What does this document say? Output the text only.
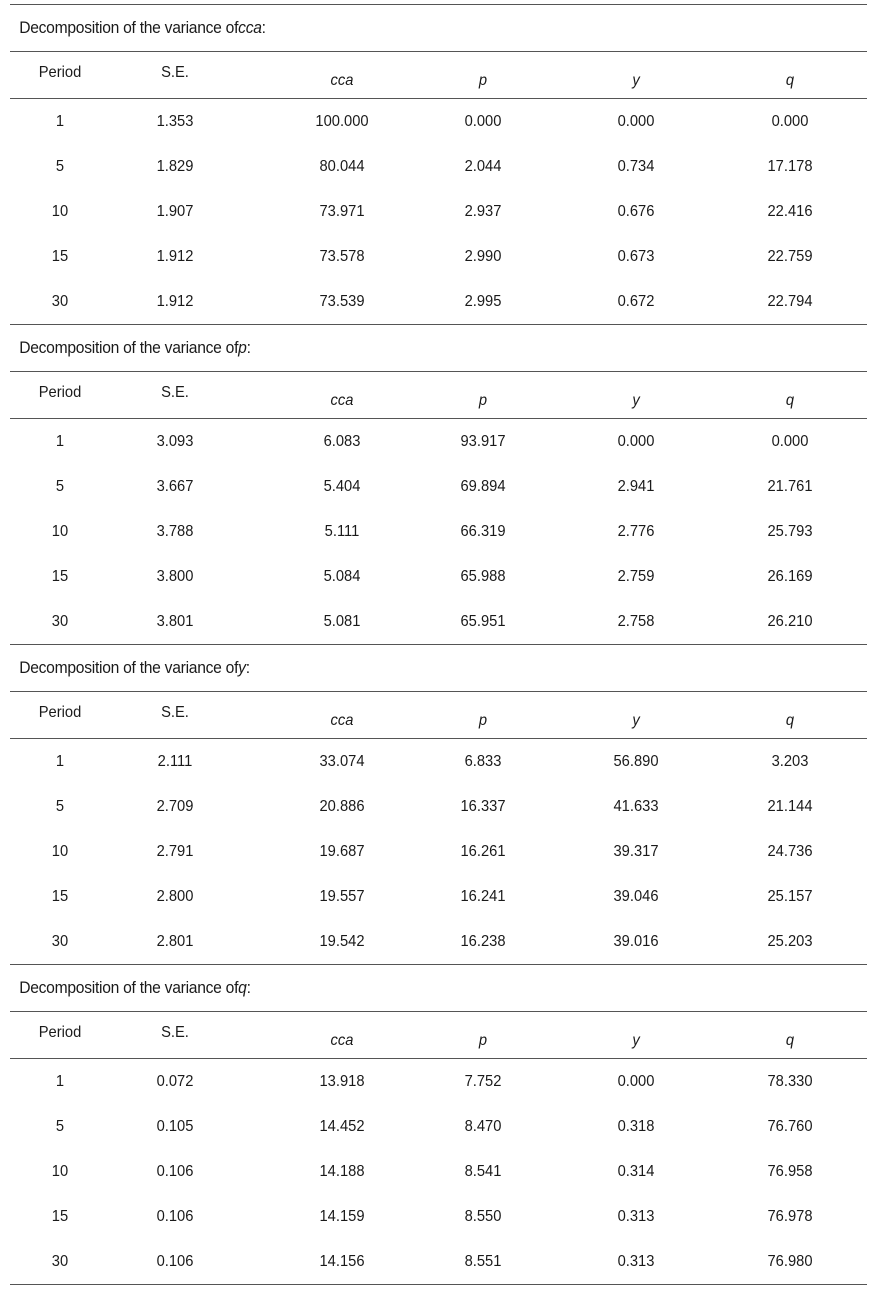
Decomposition of the variance of cca :
Period	S.E.	cca	p	y	q
1	1.353	100.000	0.000	0.000	0.000
5	1.829	80.044	2.044	0.734	17.178
10	1.907	73.971	2.937	0.676	22.416
15	1.912	73.578	2.990	0.673	22.759
30	1.912	73.539	2.995	0.672	22.794
Decomposition of the variance of p :
Period	S.E.	cca	p	y	q
1	3.093	6.083	93.917	0.000	0.000
5	3.667	5.404	69.894	2.941	21.761
10	3.788	5.111	66.319	2.776	25.793
15	3.800	5.084	65.988	2.759	26.169
30	3.801	5.081	65.951	2.758	26.210
Decomposition of the variance of y :
Period	S.E.	cca	p	y	q
1	2.111	33.074	6.833	56.890	3.203
5	2.709	20.886	16.337	41.633	21.144
10	2.791	19.687	16.261	39.317	24.736
15	2.800	19.557	16.241	39.046	25.157
30	2.801	19.542	16.238	39.016	25.203
Decomposition of the variance of q :
Period	S.E.	cca	p	y	q
1	0.072	13.918	7.752	0.000	78.330
5	0.105	14.452	8.470	0.318	76.760
10	0.106	14.188	8.541	0.314	76.958
15	0.106	14.159	8.550	0.313	76.978
30	0.106	14.156	8.551	0.313	76.980
